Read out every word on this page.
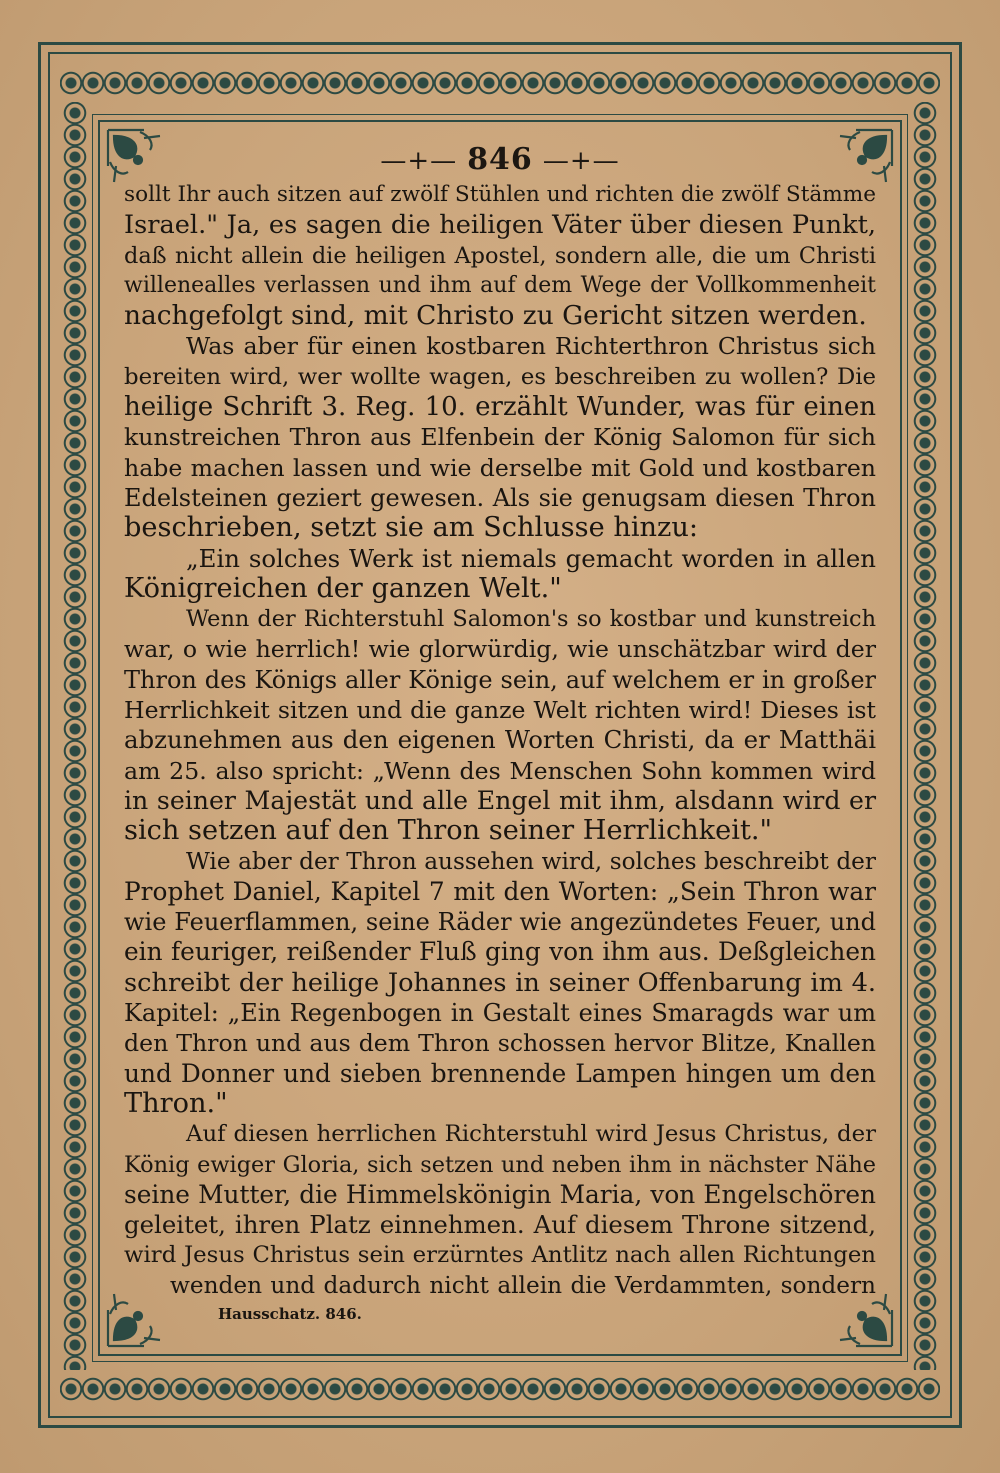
—+— 846 —+—
sollt Ihr auch sitzen auf zwölf Stühlen und richten die zwölf Stämme
Israel." Ja, es sagen die heiligen Väter über diesen Punkt,
daß nicht allein die heiligen Apostel, sondern alle, die um Christi
willenealles verlassen und ihm auf dem Wege der Vollkommenheit
nachgefolgt sind, mit Christo zu Gericht sitzen werden.
Was aber für einen kostbaren Richterthron Christus sich
bereiten wird, wer wollte wagen, es beschreiben zu wollen? Die
heilige Schrift 3. Reg. 10. erzählt Wunder, was für einen
kunstreichen Thron aus Elfenbein der König Salomon für sich
habe machen lassen und wie derselbe mit Gold und kostbaren
Edelsteinen geziert gewesen. Als sie genugsam diesen Thron
beschrieben, setzt sie am Schlusse hinzu:
„Ein solches Werk ist niemals gemacht worden in allen
Königreichen der ganzen Welt."
Wenn der Richterstuhl Salomon's so kostbar und kunstreich
war, o wie herrlich! wie glorwürdig, wie unschätzbar wird der
Thron des Königs aller Könige sein, auf welchem er in großer
Herrlichkeit sitzen und die ganze Welt richten wird! Dieses ist
abzunehmen aus den eigenen Worten Christi, da er Matthäi
am 25. also spricht: „Wenn des Menschen Sohn kommen wird
in seiner Majestät und alle Engel mit ihm, alsdann wird er
sich setzen auf den Thron seiner Herrlichkeit."
Wie aber der Thron aussehen wird, solches beschreibt der
Prophet Daniel, Kapitel 7 mit den Worten: „Sein Thron war
wie Feuerflammen, seine Räder wie angezündetes Feuer, und
ein feuriger, reißender Fluß ging von ihm aus. Deßgleichen
schreibt der heilige Johannes in seiner Offenbarung im 4.
Kapitel: „Ein Regenbogen in Gestalt eines Smaragds war um
den Thron und aus dem Thron schossen hervor Blitze, Knallen
und Donner und sieben brennende Lampen hingen um den
Thron."
Auf diesen herrlichen Richterstuhl wird Jesus Christus, der
König ewiger Gloria, sich setzen und neben ihm in nächster Nähe
seine Mutter, die Himmelskönigin Maria, von Engelschören
geleitet, ihren Platz einnehmen. Auf diesem Throne sitzend,
wird Jesus Christus sein erzürntes Antlitz nach allen Richtungen
wenden und dadurch nicht allein die Verdammten, sondern
Hausschatz. 846.
